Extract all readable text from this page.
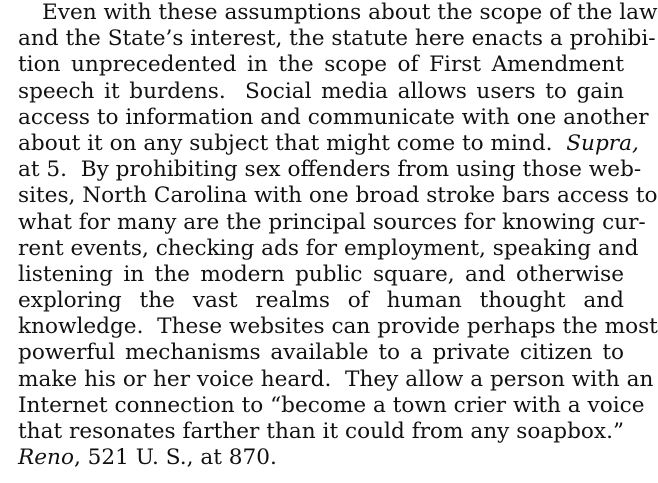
Even with these assumptions about the scope of the law
and the State’s interest, the statute here enacts a prohibi-
tion unprecedented in the scope of First Amendment
speech it burdens.  Social media allows users to gain
access to information and communicate with one another
about it on any subject that might come to mind.  Supra,
at 5.  By prohibiting sex offenders from using those web-
sites, North Carolina with one broad stroke bars access to
what for many are the principal sources for knowing cur-
rent events, checking ads for employment, speaking and
listening in the modern public square, and otherwise
exploring the vast realms of human thought and
knowledge.  These websites can provide perhaps the most
powerful mechanisms available to a private citizen to
make his or her voice heard.  They allow a person with an
Internet connection to “become a town crier with a voice
that resonates farther than it could from any soapbox.”
Reno, 521 U. S., at 870.
